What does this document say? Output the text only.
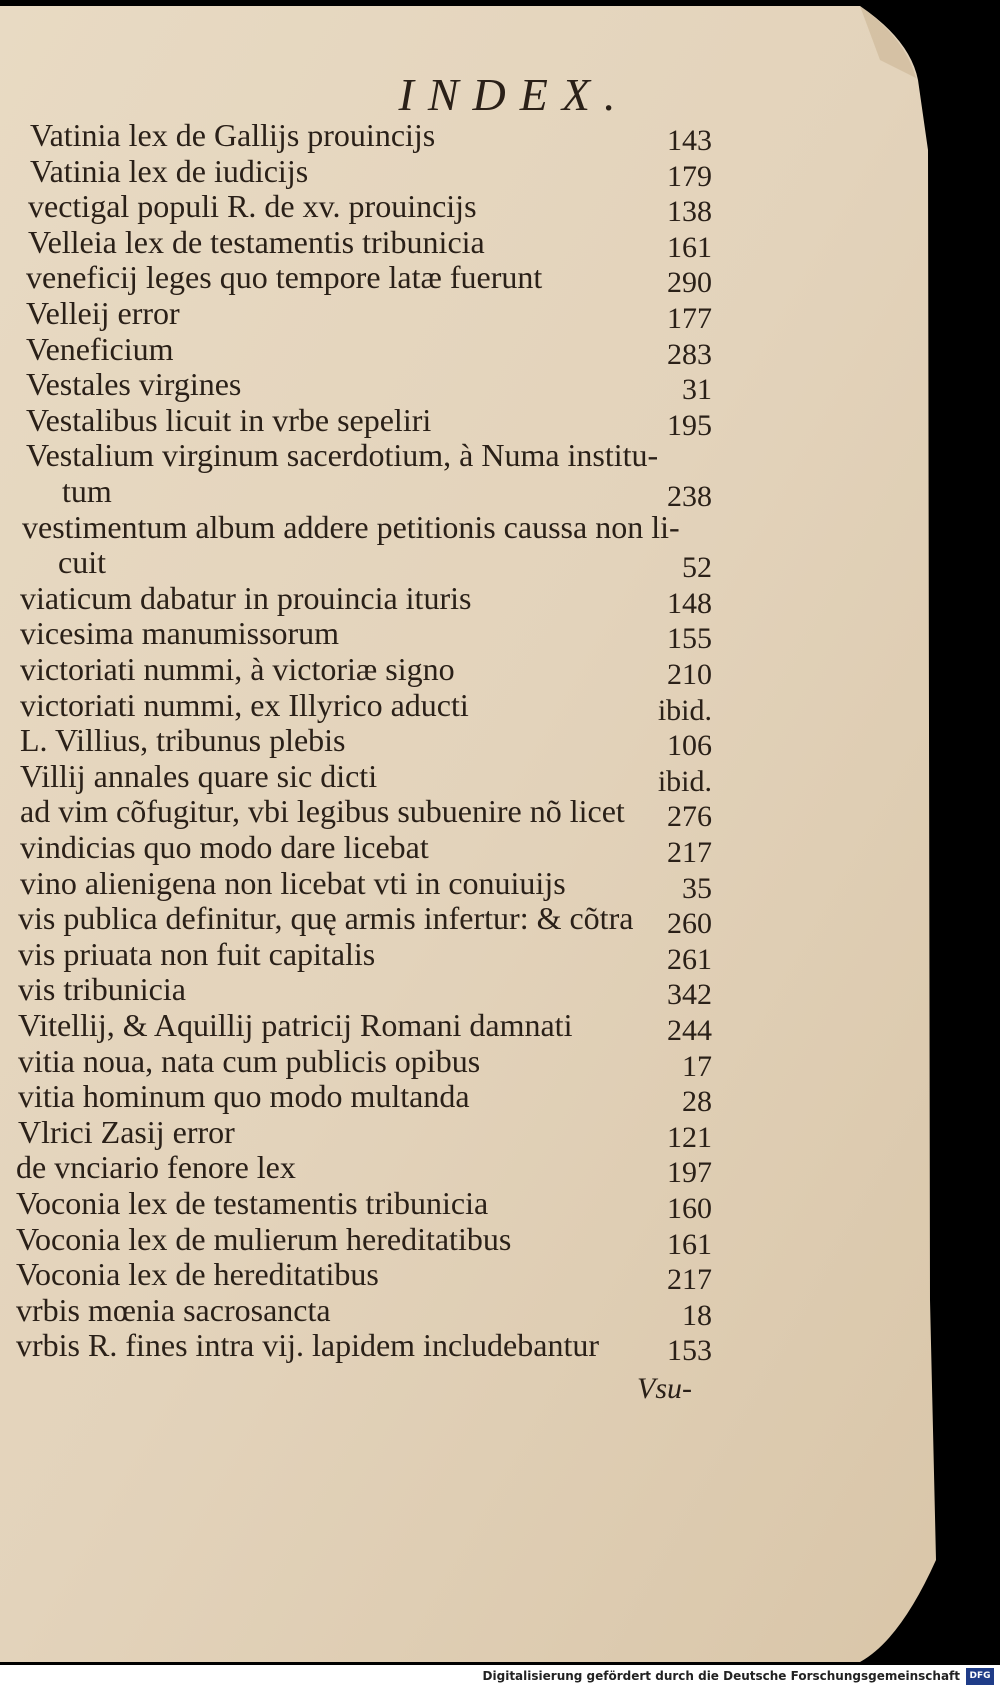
INDEX.
Vatinia lex de Gallijs prouincijs	143
Vatinia lex de iudicijs	179
vectigal populi R. de xv. prouincijs	138
Velleia lex de testamentis tribunicia	161
veneficij leges quo tempore latæ fuerunt	290
Velleij error	177
Veneficium	283
Vestales virgines	31
Vestalibus licuit in vrbe sepeliri	195
Vestalium virginum sacerdotium, à Numa institu-
tum	238
vestimentum album addere petitionis caussa non li-
cuit	52
viaticum dabatur in prouincia ituris	148
vicesima manumissorum	155
victoriati nummi, à victoriæ signo	210
victoriati nummi, ex Illyrico aducti	ibid.
L. Villius, tribunus plebis	106
Villij annales quare sic dicti	ibid.
ad vim cõfugitur, vbi legibus subuenire nõ licet	276
vindicias quo modo dare licebat	217
vino alienigena non licebat vti in conuiuijs	35
vis publica definitur, quę armis infertur: & cõtra	260
vis priuata non fuit capitalis	261
vis tribunicia	342
Vitellij, & Aquillij patricij Romani damnati	244
vitia noua, nata cum publicis opibus	17
vitia hominum quo modo multanda	28
Vlrici Zasij error	121
de vnciario fenore lex	197
Voconia lex de testamentis tribunicia	160
Voconia lex de mulierum hereditatibus	161
Voconia lex de hereditatibus	217
vrbis mœnia sacrosancta	18
vrbis R. fines intra vij. lapidem includebantur	153
Vsu-
Digitalisierung gefördert durch die Deutsche Forschungsgemeinschaft	DFG
